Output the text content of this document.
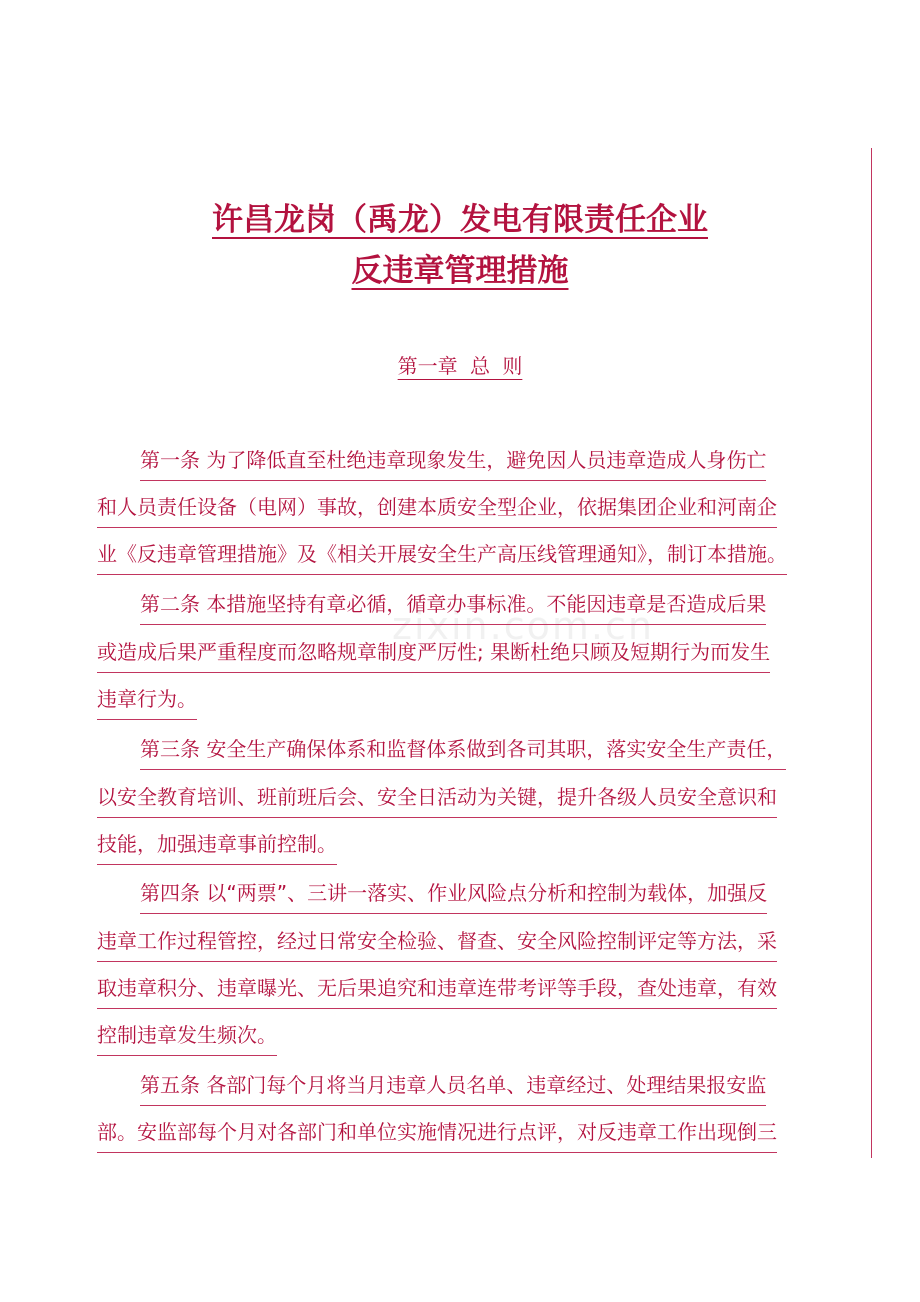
zixin.com.cn
许昌龙岗（禹龙）发电有限责任企业
反违章管理措施
第一章 总 则
第一条 为了降低直至杜绝违章现象发生，避免因人员违章造成人身伤亡
和人员责任设备（电网）事故，创建本质安全型企业，依据集团企业和河南企
业《反违章管理措施》及《相关开展安全生产高压线管理通知》，制订本措施。
第二条 本措施坚持有章必循，循章办事标准。不能因违章是否造成后果
或造成后果严重程度而忽略规章制度严厉性; 果断杜绝只顾及短期行为而发生
违章行为。
第三条 安全生产确保体系和监督体系做到各司其职，落实安全生产责任，
以安全教育培训、班前班后会、安全日活动为关键，提升各级人员安全意识和
技能，加强违章事前控制。
第四条 以“两票”、三讲一落实、作业风险点分析和控制为载体，加强反
违章工作过程管控，经过日常安全检验、督查、安全风险控制评定等方法，采
取违章积分、违章曝光、无后果追究和违章连带考评等手段，查处违章，有效
控制违章发生频次。
第五条 各部门每个月将当月违章人员名单、违章经过、处理结果报安监
部。安监部每个月对各部门和单位实施情况进行点评，对反违章工作出现倒三
